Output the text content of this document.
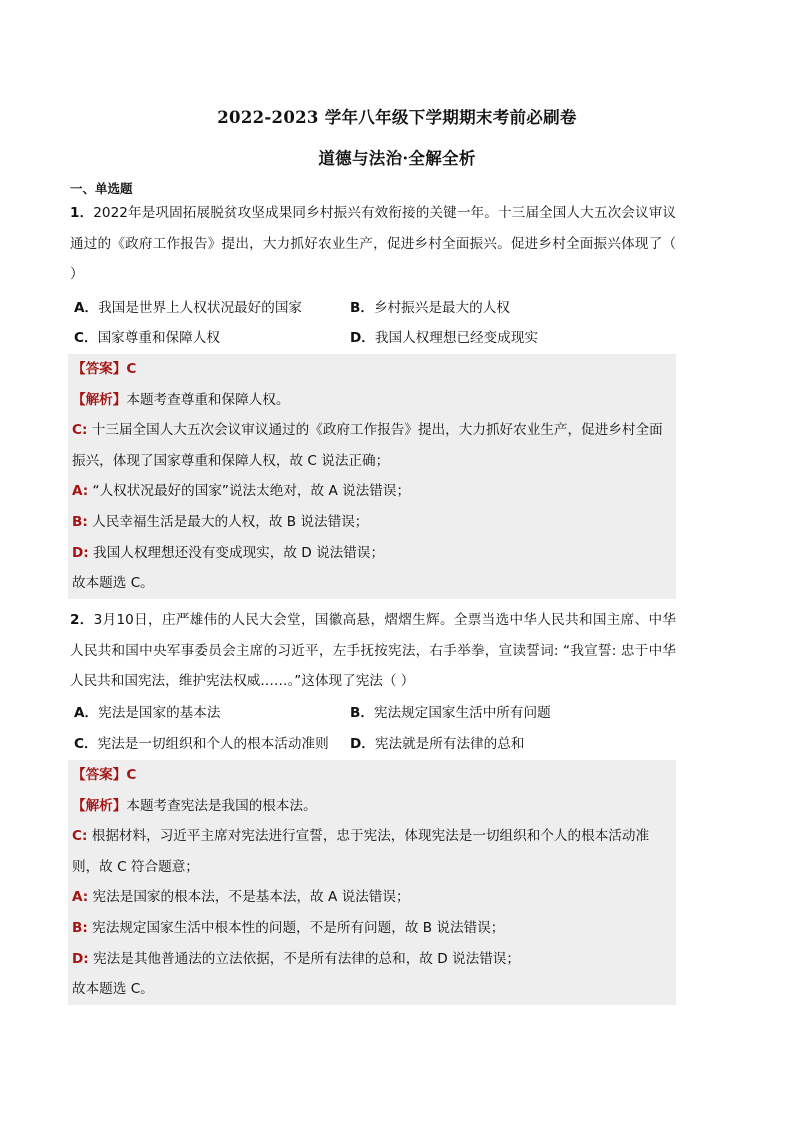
2022-2023 学年八年级下学期期末考前必刷卷
道德与法治·全解全析
一、单选题
1．2022年是巩固拓展脱贫攻坚成果同乡村振兴有效衔接的关键一年。十三届全国人大五次会议审议通过的《政府工作报告》提出，大力抓好农业生产，促进乡村全面振兴。促进乡村全面振兴体现了（ ）
A．我国是世界上人权状况最好的国家	B．乡村振兴是最大的人权
C．国家尊重和保障人权	D．我国人权理想已经变成现实
【答案】C
【解析】本题考查尊重和保障人权。
C: 十三届全国人大五次会议审议通过的《政府工作报告》提出，大力抓好农业生产，促进乡村全面振兴，体现了国家尊重和保障人权，故 C 说法正确；
A: “人权状况最好的国家”说法太绝对，故 A 说法错误；
B: 人民幸福生活是最大的人权，故 B 说法错误；
D: 我国人权理想还没有变成现实，故 D 说法错误；
故本题选 C。
2．3月10日，庄严雄伟的人民大会堂，国徽高悬，熠熠生辉。全票当选中华人民共和国主席、中华人民共和国中央军事委员会主席的习近平，左手抚按宪法，右手举拳，宣读誓词: “我宣誓: 忠于中华人民共和国宪法，维护宪法权威……。”这体现了宪法（ ）
A．宪法是国家的基本法	B．宪法规定国家生活中所有问题
C．宪法是一切组织和个人的根本活动准则 D．宪法就是所有法律的总和
【答案】C
【解析】本题考查宪法是我国的根本法。
C: 根据材料，习近平主席对宪法进行宣誓，忠于宪法，体现宪法是一切组织和个人的根本活动准则，故 C 符合题意；
A: 宪法是国家的根本法，不是基本法，故 A 说法错误；
B: 宪法规定国家生活中根本性的问题，不是所有问题，故 B 说法错误；
D: 宪法是其他普通法的立法依据，不是所有法律的总和，故 D 说法错误；
故本题选 C。
